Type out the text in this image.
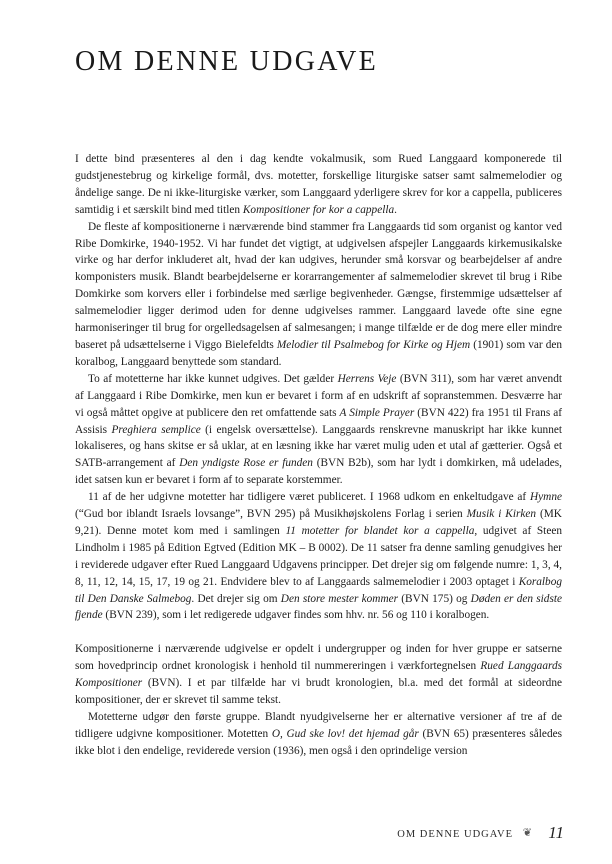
OM DENNE UDGAVE

I dette bind præsenteres al den i dag kendte vokalmusik, som Rued Langgaard komponerede til gudstjenestebrug og kirkelige formål, dvs. motetter, forskellige liturgiske satser samt salmemelodier og åndelige sange. De ni ikke-liturgiske værker, som Langgaard yderligere skrev for kor a cappella, publiceres samtidig i et særskilt bind med titlen Kompositioner for kor a cappella.

De fleste af kompositionerne i nærværende bind stammer fra Langgaards tid som organist og kantor ved Ribe Domkirke, 1940-1952. Vi har fundet det vigtigt, at udgivelsen afspejler Langgaards kirkemusikalske virke og har derfor inkluderet alt, hvad der kan udgives, herunder små korsvar og bearbejdelser af andre komponisters musik. Blandt bearbejdelserne er korarrangementer af salmemelodier skrevet til brug i Ribe Domkirke som korvers eller i forbindelse med særlige begivenheder. Gængse, firstemmige udsættelser af salmemelodier ligger derimod uden for denne udgivelses rammer. Langgaard lavede ofte sine egne harmoniseringer til brug for orgelledsagelsen af salmesangen; i mange tilfælde er de dog mere eller mindre baseret på udsættelserne i Viggo Bielefeldts Melodier til Psalmebog for Kirke og Hjem (1901) som var den koralbog, Langgaard benyttede som standard.

To af motetterne har ikke kunnet udgives. Det gælder Herrens Veje (BVN 311), som har været anvendt af Langgaard i Ribe Domkirke, men kun er bevaret i form af en udskrift af sopranstemmen. Desværre har vi også måttet opgive at publicere den ret omfattende sats A Simple Prayer (BVN 422) fra 1951 til Frans af Assisis Preghiera semplice (i engelsk oversættelse). Langgaards renskrevne manuskript har ikke kunnet lokaliseres, og hans skitse er så uklar, at en læsning ikke har været mulig uden et utal af gætterier. Også et SATB-arrangement af Den yndigste Rose er funden (BVN B2b), som har lydt i domkirken, må udelades, idet satsen kun er bevaret i form af to separate korstemmer.

11 af de her udgivne motetter har tidligere været publiceret. I 1968 udkom en enkeltudgave af Hymne (“Gud bor iblandt Israels lovsange”, BVN 295) på Musikhøjskolens Forlag i serien Musik i Kirken (MK 9,21). Denne motet kom med i samlingen 11 motetter for blandet kor a cappella, udgivet af Steen Lindholm i 1985 på Edition Egtved (Edition MK – B 0002). De 11 satser fra denne samling genudgives her i reviderede udgaver efter Rued Langgaard Udgavens principper. Det drejer sig om følgende numre: 1, 3, 4, 8, 11, 12, 14, 15, 17, 19 og 21. Endvidere blev to af Langgaards salmemelodier i 2003 optaget i Koralbog til Den Danske Salmebog. Det drejer sig om Den store mester kommer (BVN 175) og Døden er den sidste fjende (BVN 239), som i let redigerede udgaver findes som hhv. nr. 56 og 110 i koralbogen.

Kompositionerne i nærværende udgivelse er opdelt i undergrupper og inden for hver gruppe er satserne som hovedprincip ordnet kronologisk i henhold til nummereringen i værkfortegnelsen Rued Langgaards Kompositioner (BVN). I et par tilfælde har vi brudt kronologien, bl.a. med det formål at sideordne kompositioner, der er skrevet til samme tekst.

Motetterne udgør den første gruppe. Blandt nyudgivelserne her er alternative versioner af tre af de tidligere udgivne kompositioner. Motetten O, Gud ske lov! det hjemad går (BVN 65) præsenteres således ikke blot i den endelige, reviderede version (1936), men også i den oprindelige version

OM DENNE UDGAVE ❦ 11
